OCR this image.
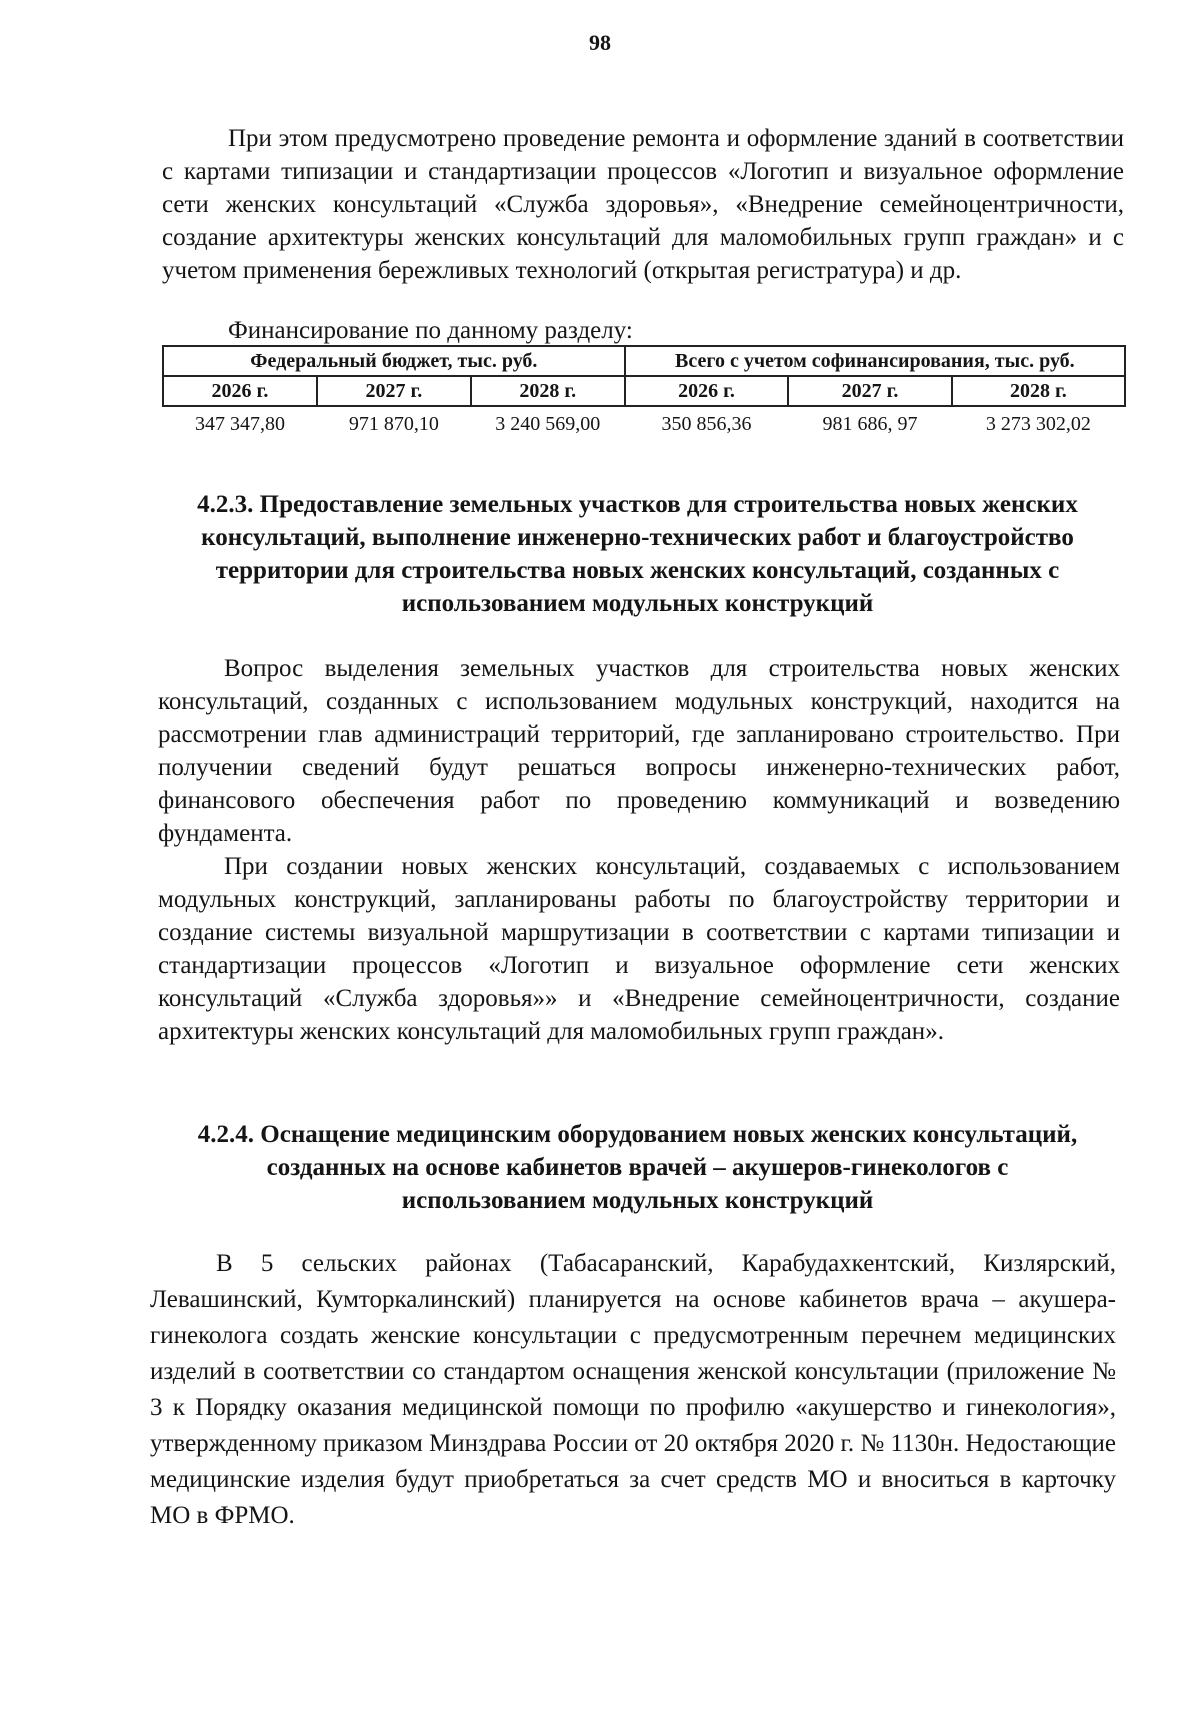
98

При этом предусмотрено проведение ремонта и оформление зданий в соответствии с картами типизации и стандартизации процессов «Логотип и визуальное оформление сети женских консультаций «Служба здоровья», «Внедрение семейноцентричности, создание архитектуры женских консультаций для маломобильных групп граждан» и с учетом применения бережливых технологий (открытая регистратура) и др.

Финансирование по данному разделу:

Федеральный бюджет, тыс. руб.			Всего с учетом софинансирования, тыс. руб.		
2026 г.	2027 г.	2028 г.	2026 г.	2027 г.	2028 г.
347 347,80	971 870,10	3 240 569,00	350 856,36	981 686, 97	3 273 302,02
4.2.3. Предоставление земельных участков для строительства новых женских консультаций, выполнение инженерно-технических работ и благоустройство территории для строительства новых женских консультаций, созданных с использованием модульных конструкций

Вопрос выделения земельных участков для строительства новых женских консультаций, созданных с использованием модульных конструкций, находится на рассмотрении глав администраций территорий, где запланировано строительство. При получении сведений будут решаться вопросы инженерно-технических работ, финансового обеспечения работ по проведению коммуникаций и возведению фундамента.

При создании новых женских консультаций, создаваемых с использованием модульных конструкций, запланированы работы по благоустройству территории и создание системы визуальной маршрутизации в соответствии с картами типизации и стандартизации процессов «Логотип и визуальное оформление сети женских консультаций «Служба здоровья»» и «Внедрение семейноцентричности, создание архитектуры женских консультаций для маломобильных групп граждан».

4.2.4. Оснащение медицинским оборудованием новых женских консультаций, созданных на основе кабинетов врачей – акушеров-гинекологов с использованием модульных конструкций

В 5 сельских районах (Табасаранский, Карабудахкентский, Кизлярский, Левашинский, Кумторкалинский) планируется на основе кабинетов врача – акушера-гинеколога создать женские консультации с предусмотренным перечнем медицинских изделий в соответствии со стандартом оснащения женской консультации (приложение № 3 к Порядку оказания медицинской помощи по профилю «акушерство и гинекология», утвержденному приказом Минздрава России от 20 октября 2020 г. № 1130н. Недостающие медицинские изделия будут приобретаться за счет средств МО и вноситься в карточку МО в ФРМО.
